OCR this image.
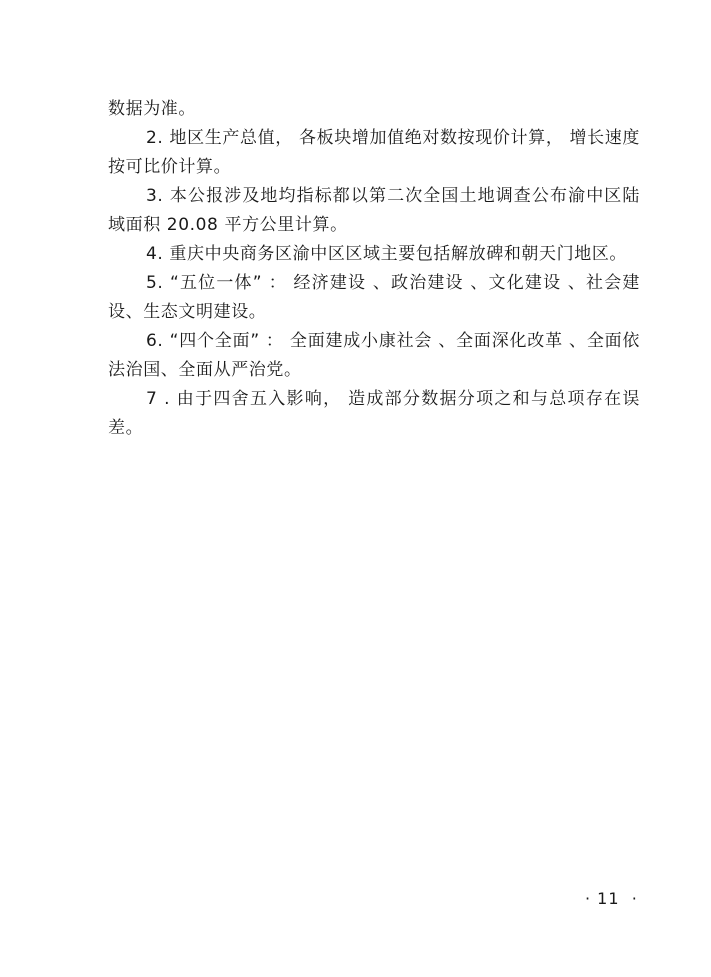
数据为准。

2. 地区生产总值， 各板块增加值绝对数按现价计算， 增长速度按可比价计算。

3. 本公报涉及地均指标都以第二次全国土地调查公布渝中区陆域面积 20.08 平方公里计算。

4. 重庆中央商务区渝中区区域主要包括解放碑和朝天门地区。

5. “五位一体” ： 经济建设 、政治建设 、文化建设 、社会建设、生态文明建设。

6. “四个全面” ： 全面建成小康社会 、全面深化改革 、全面依法治国、全面从严治党。

7 . 由于四舍五入影响， 造成部分数据分项之和与总项存在误差。

· 11  ·
